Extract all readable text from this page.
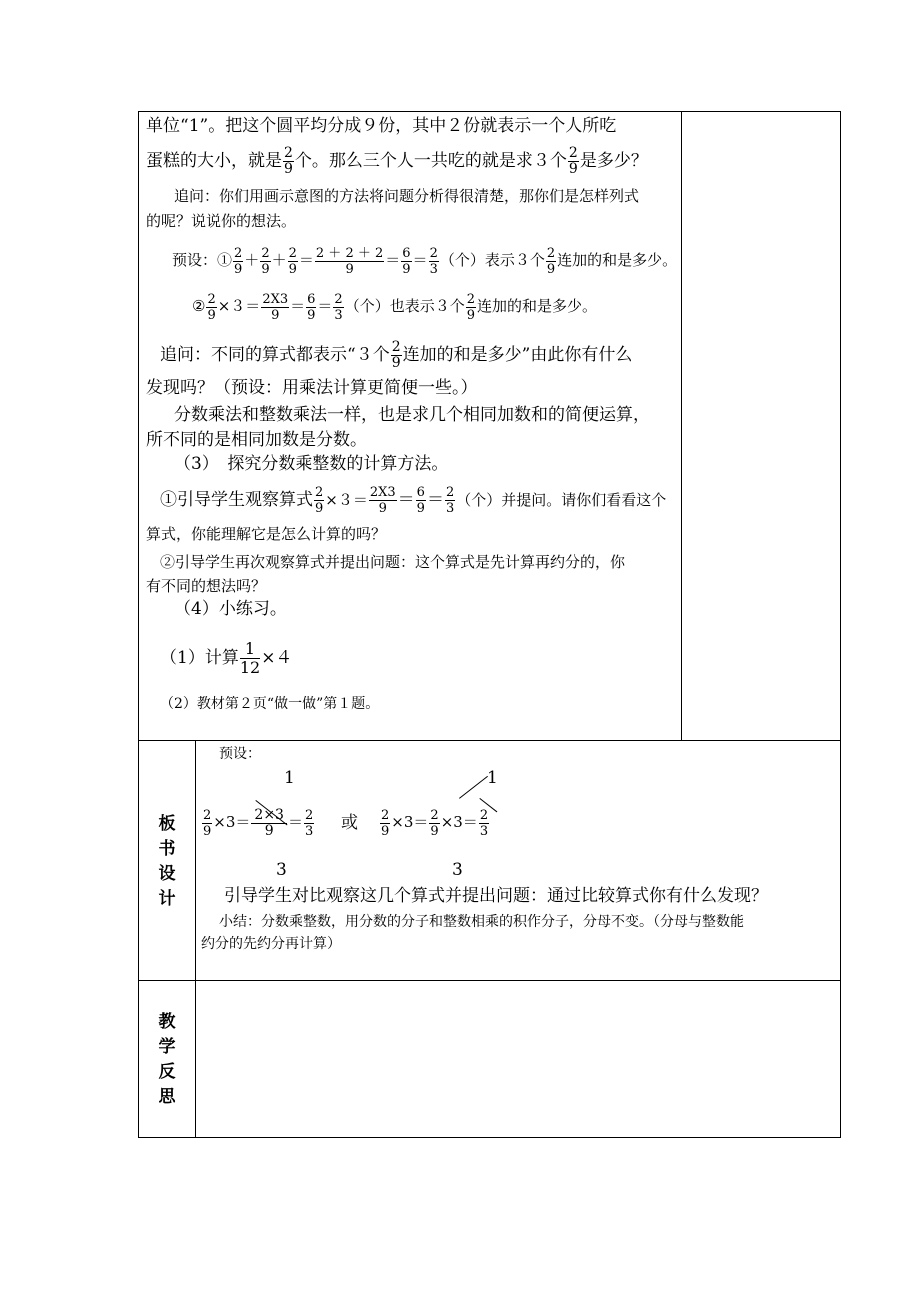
单位“1”。把这个圆平均分成９份，其中２份就表示一个人所吃
蛋糕的大小，就是 $\frac{2}{9}$ 个。那么三个人一共吃的就是求３个 $\frac{2}{9}$ 是多少？
追问：你们用画示意图的方法将问题分析得很清楚，那你们是怎样列式
的呢？说说你的想法。
预设：① $\frac{2}{9} + \frac{2}{9} + \frac{2}{9} = \frac{2 + 2 + 2}{9} = \frac{6}{9} = \frac{2}{3}$ （个）表示３个 $\frac{2}{9}$ 连加的和是多少。
② $\frac{2}{9} \times 3= \frac{2X3}{9} = \frac{6}{9} = \frac{2}{3}$ （个）也表示３个 $\frac{2}{9}$ 连加的和是多少。
追问：不同的算式都表示“３个 $\frac{2}{9}$ 连加的和是多少”由此你有什么
发现吗？（预设：用乘法计算更简便一些。）
分数乘法和整数乘法一样，也是求几个相同加数和的简便运算，
所不同的是相同加数是分数。
（3）　探究分数乘整数的计算方法。
①引导学生观察算式 $\frac{2}{9} \times 3= \frac{2X3}{9} = \frac{6}{9} = \frac{2}{3}$ （个）并提问。请你们看看这个
算式，你能理解它是怎么计算的吗？
②引导学生再次观察算式并提出问题：这个算式是先计算再约分的，你
有不同的想法吗？
（4）小练习。
（1）计算 $\frac{1}{12} \times 4$
（2）教材第２页“做一做”第１题。
板
书
设
计
预设：
1	1
$\frac{2}{9} \times 3= \frac{2\times 3}{9} = \frac{2}{3}$ 或 $\frac{2}{9} \times 3= \frac{2}{9} \times 3= \frac{2}{3}$
3	3
引导学生对比观察这几个算式并提出问题：通过比较算式你有什么发现？
小结：分数乘整数，用分数的分子和整数相乘的积作分子，分母不变。（分母与整数能
约分的先约分再计算）
教
学
反
思
